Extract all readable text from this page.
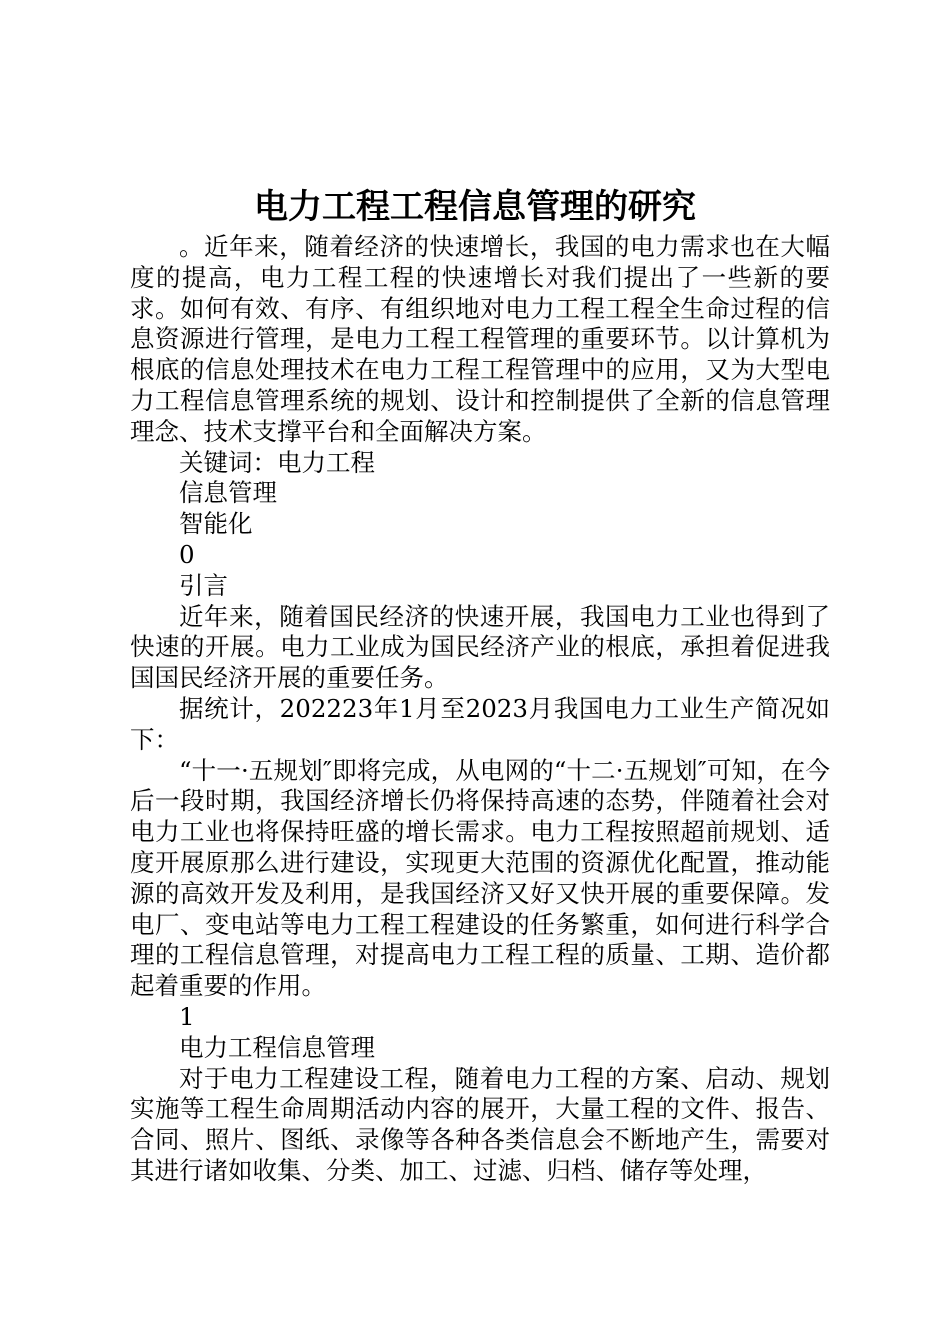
电力工程工程信息管理的研究

。近年来，随着经济的快速增长，我国的电力需求也在大幅度的提高，电力工程工程的快速增长对我们提出了一些新的要求。如何有效、有序、有组织地对电力工程工程全生命过程的信息资源进行管理，是电力工程工程管理的重要环节。以计算机为根底的信息处理技术在电力工程工程管理中的应用，又为大型电力工程信息管理系统的规划、设计和控制提供了全新的信息管理理念、技术支撑平台和全面解决方案。

关键词：电力工程

信息管理

智能化

0

引言

近年来，随着国民经济的快速开展，我国电力工业也得到了快速的开展。电力工业成为国民经济产业的根底，承担着促进我国国民经济开展的重要任务。

据统计，202223年1月至2023月我国电力工业生产简况如下：

“十一·五规划″即将完成，从电网的“十二·五规划″可知，在今后一段时期，我国经济增长仍将保持高速的态势，伴随着社会对电力工业也将保持旺盛的增长需求。电力工程按照超前规划、适度开展原那么进行建设，实现更大范围的资源优化配置，推动能源的高效开发及利用，是我国经济又好又快开展的重要保障。发电厂、变电站等电力工程工程建设的任务繁重，如何进行科学合理的工程信息管理，对提高电力工程工程的质量、工期、造价都起着重要的作用。

1

电力工程信息管理

对于电力工程建设工程，随着电力工程的方案、启动、规划实施等工程生命周期活动内容的展开，大量工程的文件、报告、合同、照片、图纸、录像等各种各类信息会不断地产生，需要对其进行诸如收集、分类、加工、过滤、归档、储存等处理，
